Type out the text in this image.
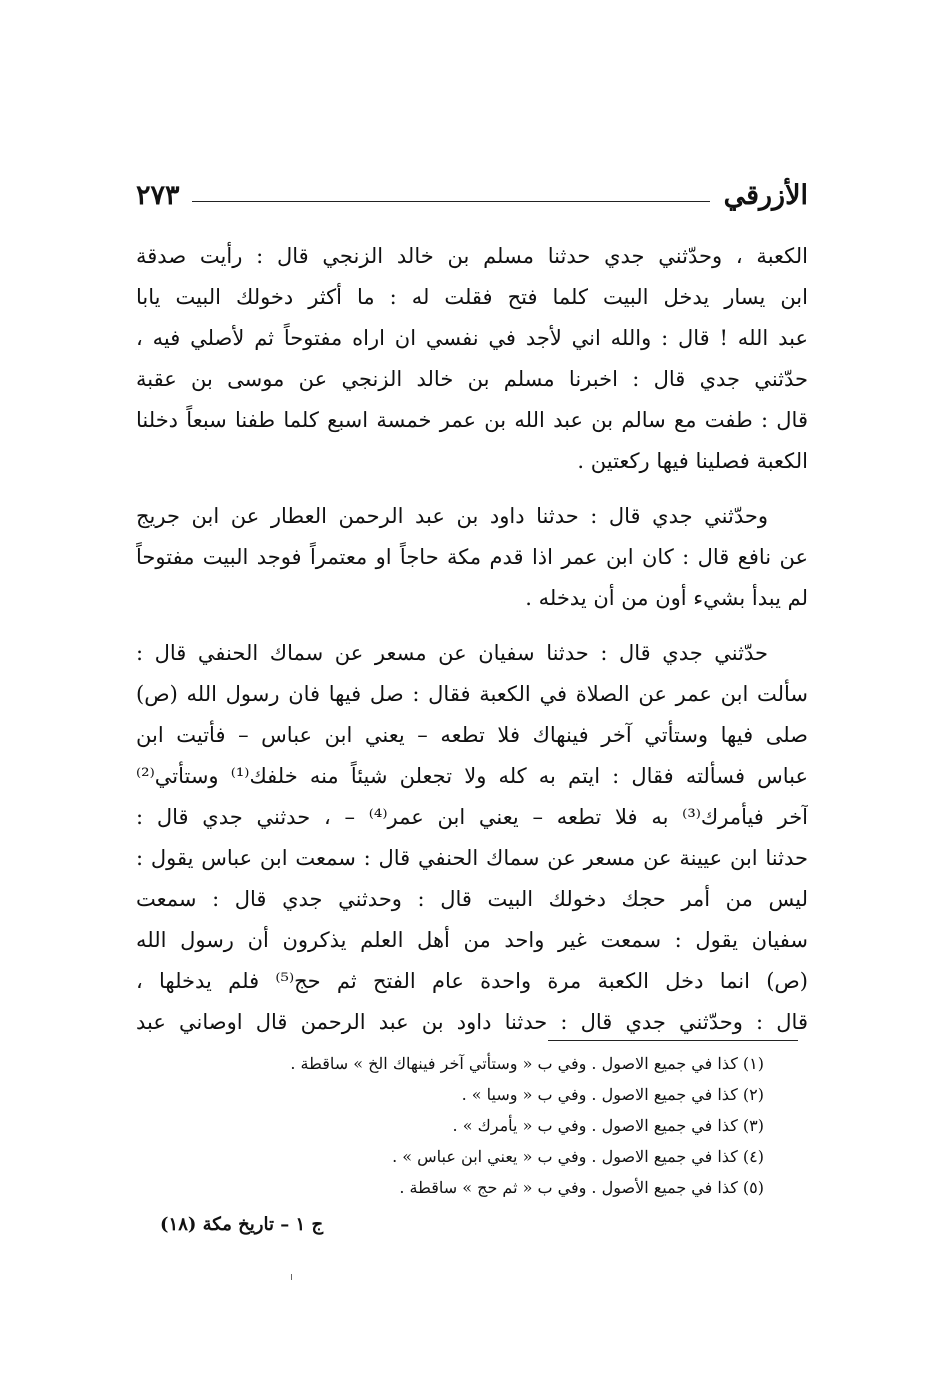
الأزرقي
٢٧٣
الكعبة ، وحدّثني جدي حدثنا مسلم بن خالد الزنجي قال : رأيت صدقة
ابن يسار يدخل البيت كلما فتح فقلت له : ما أكثر دخولك البيت يابا
عبد الله ! قال : والله اني لأجد في نفسي ان اراه مفتوحاً ثم لأصلي فيه ،
حدّثني جدي قال : اخبرنا مسلم بن خالد الزنجي عن موسى بن عقبة
قال : طفت مع سالم بن عبد الله بن عمر خمسة اسبع كلما طفنا سبعاً دخلنا
الكعبة فصلينا فيها ركعتين .
وحدّثني جدي قال : حدثنا داود بن عبد الرحمن العطار عن ابن جريج
عن نافع قال : كان ابن عمر اذا قدم مكة حاجاً او معتمراً فوجد البيت مفتوحاً
لم يبدأ بشيء أون من أن يدخله .
حدّثني جدي قال : حدثنا سفيان عن مسعر عن سماك الحنفي قال :
سألت ابن عمر عن الصلاة في الكعبة فقال : صل فيها فان رسول الله (ص)
صلى فيها وستأتي آخر فينهاك فلا تطعه – يعني ابن عباس – فأتيت ابن
عباس فسألته فقال : ايتم به كله ولا تجعلن شيئاً منه خلفك⁽¹⁾ وستأتي⁽²⁾
آخر فيأمرك⁽³⁾ به فلا تطعه – يعني ابن عمر⁽⁴⁾ – ، حدثني جدي قال :
حدثنا ابن عيينة عن مسعر عن سماك الحنفي قال : سمعت ابن عباس يقول :
ليس من أمر حجك دخولك البيت قال : وحدثني جدي قال : سمعت
سفيان يقول : سمعت غير واحد من أهل العلم يذكرون أن رسول الله
(ص) انما دخل الكعبة مرة واحدة عام الفتح ثم حج⁽⁵⁾ فلم يدخلها ،
قال : وحدّثني جدي قال : حدثنا داود بن عبد الرحمن قال اوصاني عبد
(١) كذا في جميع الاصول . وفي ب « وستأتي آخر فينهاك الخ » ساقطة .
(٢) كذا في جميع الاصول . وفي ب « وسيا » .
(٣) كذا في جميع الاصول . وفي ب « يأمرك » .
(٤) كذا في جميع الاصول . وفي ب « يعني ابن عباس » .
(٥) كذا في جميع الأصول . وفي ب « ثم حج » ساقطة .
ج ١ – تاريخ مكة (١٨)
